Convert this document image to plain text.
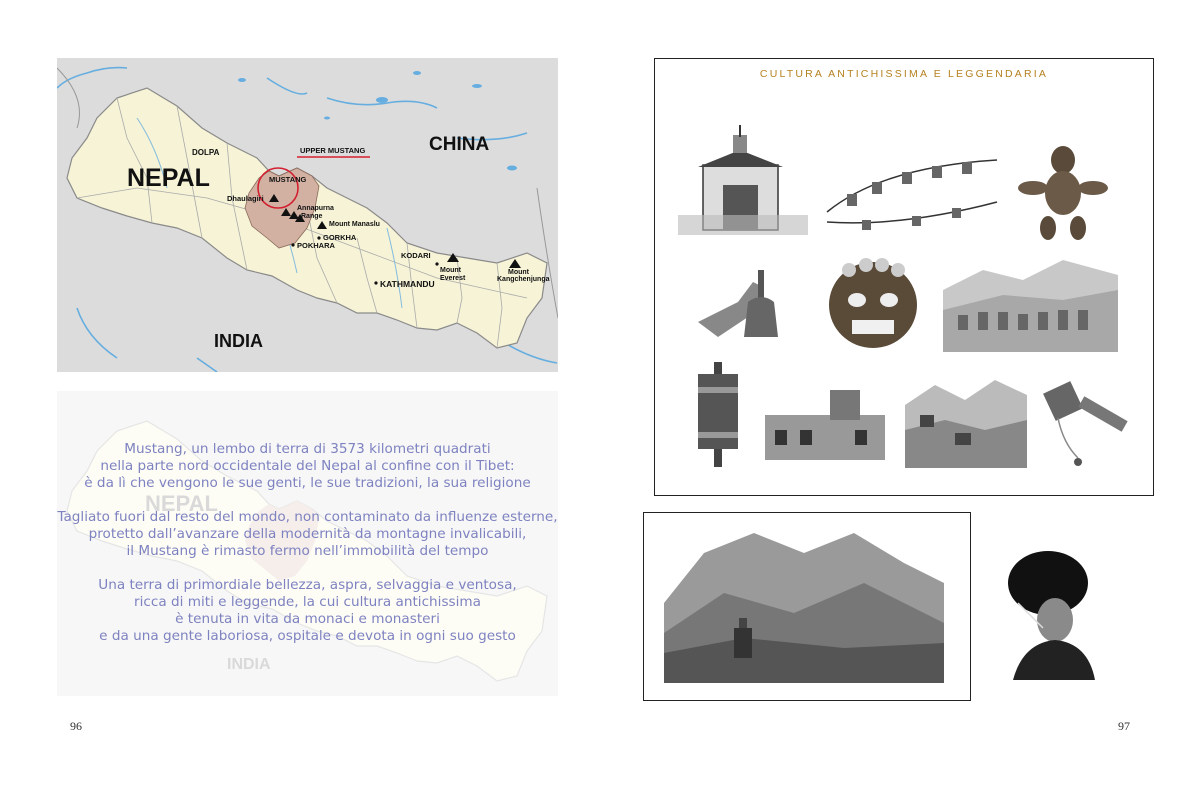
NEPAL
CHINA
INDIA
UPPER MUSTANG
DOLPA
MUSTANG
Dhaulagiri
Annapurna
Range
Mount Manaslu
GORKHA
POKHARA
KODARI
Mount
Everest
Mount
Kangchenjunga
KATHMANDU

Mustang, un lembo di terra di 3573 kilometri quadrati
nella parte nord occidentale del Nepal al confine con il Tibet:
è da lì che vengono le sue genti, le sue tradizioni, la sua religione

Tagliato fuori dal resto del mondo, non contaminato da influenze esterne,
protetto dall’avanzare della modernità da montagne invalicabili,
il Mustang è rimasto fermo nell’immobilità del tempo

Una terra di primordiale bellezza, aspra, selvaggia e ventosa,
ricca di miti e leggende, la cui cultura antichissima
è tenuta in vita da monaci e monasteri
e da una gente laboriosa, ospitale e devota in ogni suo gesto

96
CULTURA ANTICHISSIMA E LEGGENDARIA
97
